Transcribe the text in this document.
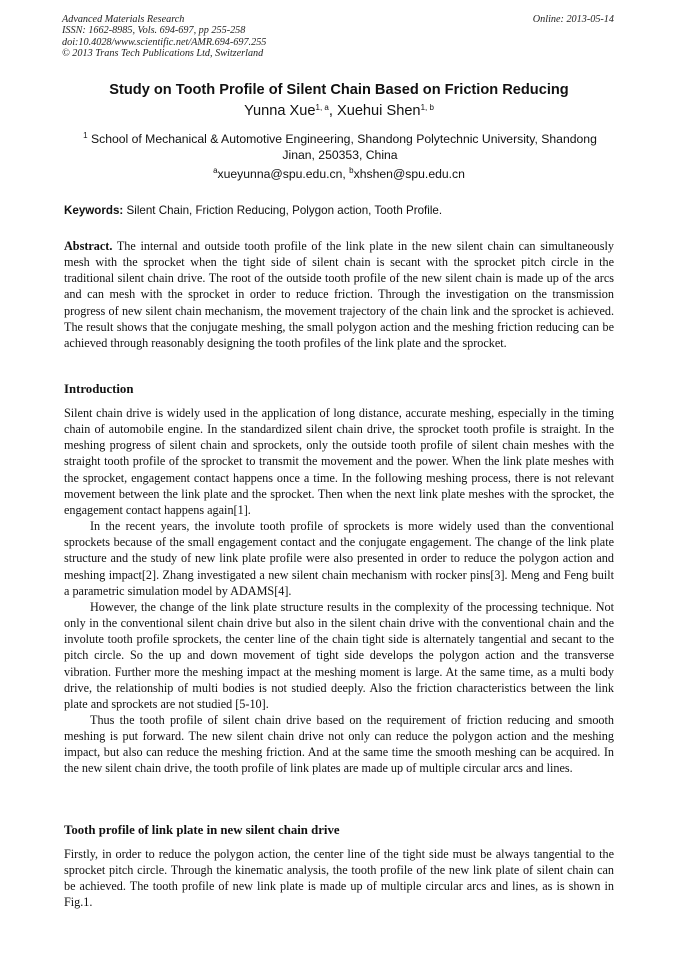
Advanced Materials Research
ISSN: 1662-8985, Vols. 694-697, pp 255-258
doi:10.4028/www.scientific.net/AMR.694-697.255
© 2013 Trans Tech Publications Ltd, Switzerland
Online: 2013-05-14
Study on Tooth Profile of Silent Chain Based on Friction Reducing
Yunna Xue$^{1, a}$, Xuehui Shen$^{1, b}$
$^1$ School of Mechanical & Automotive Engineering, Shandong Polytechnic University, Shandong Jinan, 250353, China
$^a$xueyunna@spu.edu.cn, $^b$xhshen@spu.edu.cn
Keywords: Silent Chain, Friction Reducing, Polygon action, Tooth Profile.

Abstract. The internal and outside tooth profile of the link plate in the new silent chain can simultaneously mesh with the sprocket when the tight side of silent chain is secant with the sprocket pitch circle in the traditional silent chain drive. The root of the outside tooth profile of the new silent chain is made up of the arcs and can mesh with the sprocket in order to reduce friction. Through the investigation on the transmission progress of new silent chain mechanism, the movement trajectory of the chain link and the sprocket is achieved. The result shows that the conjugate meshing, the small polygon action and the meshing friction reducing can be achieved through reasonably designing the tooth profiles of the link plate and the sprocket.

Introduction

Silent chain drive is widely used in the application of long distance, accurate meshing, especially in the timing chain of automobile engine. In the standardized silent chain drive, the sprocket tooth profile is straight. In the meshing progress of silent chain and sprockets, only the outside tooth profile of silent chain meshes with the straight tooth profile of the sprocket to transmit the movement and the power. When the link plate meshes with the sprocket, engagement contact happens once a time. In the following meshing process, there is not relevant movement between the link plate and the sprocket. Then when the next link plate meshes with the sprocket, the engagement contact happens again[1].

In the recent years, the involute tooth profile of sprockets is more widely used than the conventional sprockets because of the small engagement contact and the conjugate engagement. The change of the link plate structure and the study of new link plate profile were also presented in order to reduce the polygon action and meshing impact[2]. Zhang investigated a new silent chain mechanism with rocker pins[3]. Meng and Feng built a parametric simulation model by ADAMS[4].

However, the change of the link plate structure results in the complexity of the processing technique. Not only in the conventional silent chain drive but also in the silent chain drive with the conventional chain and the involute tooth profile sprockets, the center line of the chain tight side is alternately tangential and secant to the pitch circle. So the up and down movement of tight side develops the polygon action and the transverse vibration. Further more the meshing impact at the meshing moment is large. At the same time, as a multi body drive, the relationship of multi bodies is not studied deeply. Also the friction characteristics between the link plate and sprockets are not studied [5-10].

Thus the tooth profile of silent chain drive based on the requirement of friction reducing and smooth meshing is put forward. The new silent chain drive not only can reduce the polygon action and the meshing impact, but also can reduce the meshing friction. And at the same time the smooth meshing can be acquired. In the new silent chain drive, the tooth profile of link plates are made up of multiple circular arcs and lines.

Tooth profile of link plate in new silent chain drive

Firstly, in order to reduce the polygon action, the center line of the tight side must be always tangential to the sprocket pitch circle. Through the kinematic analysis, the tooth profile of the new link plate of silent chain can be achieved. The tooth profile of new link plate is made up of multiple circular arcs and lines, as is shown in Fig.1.
